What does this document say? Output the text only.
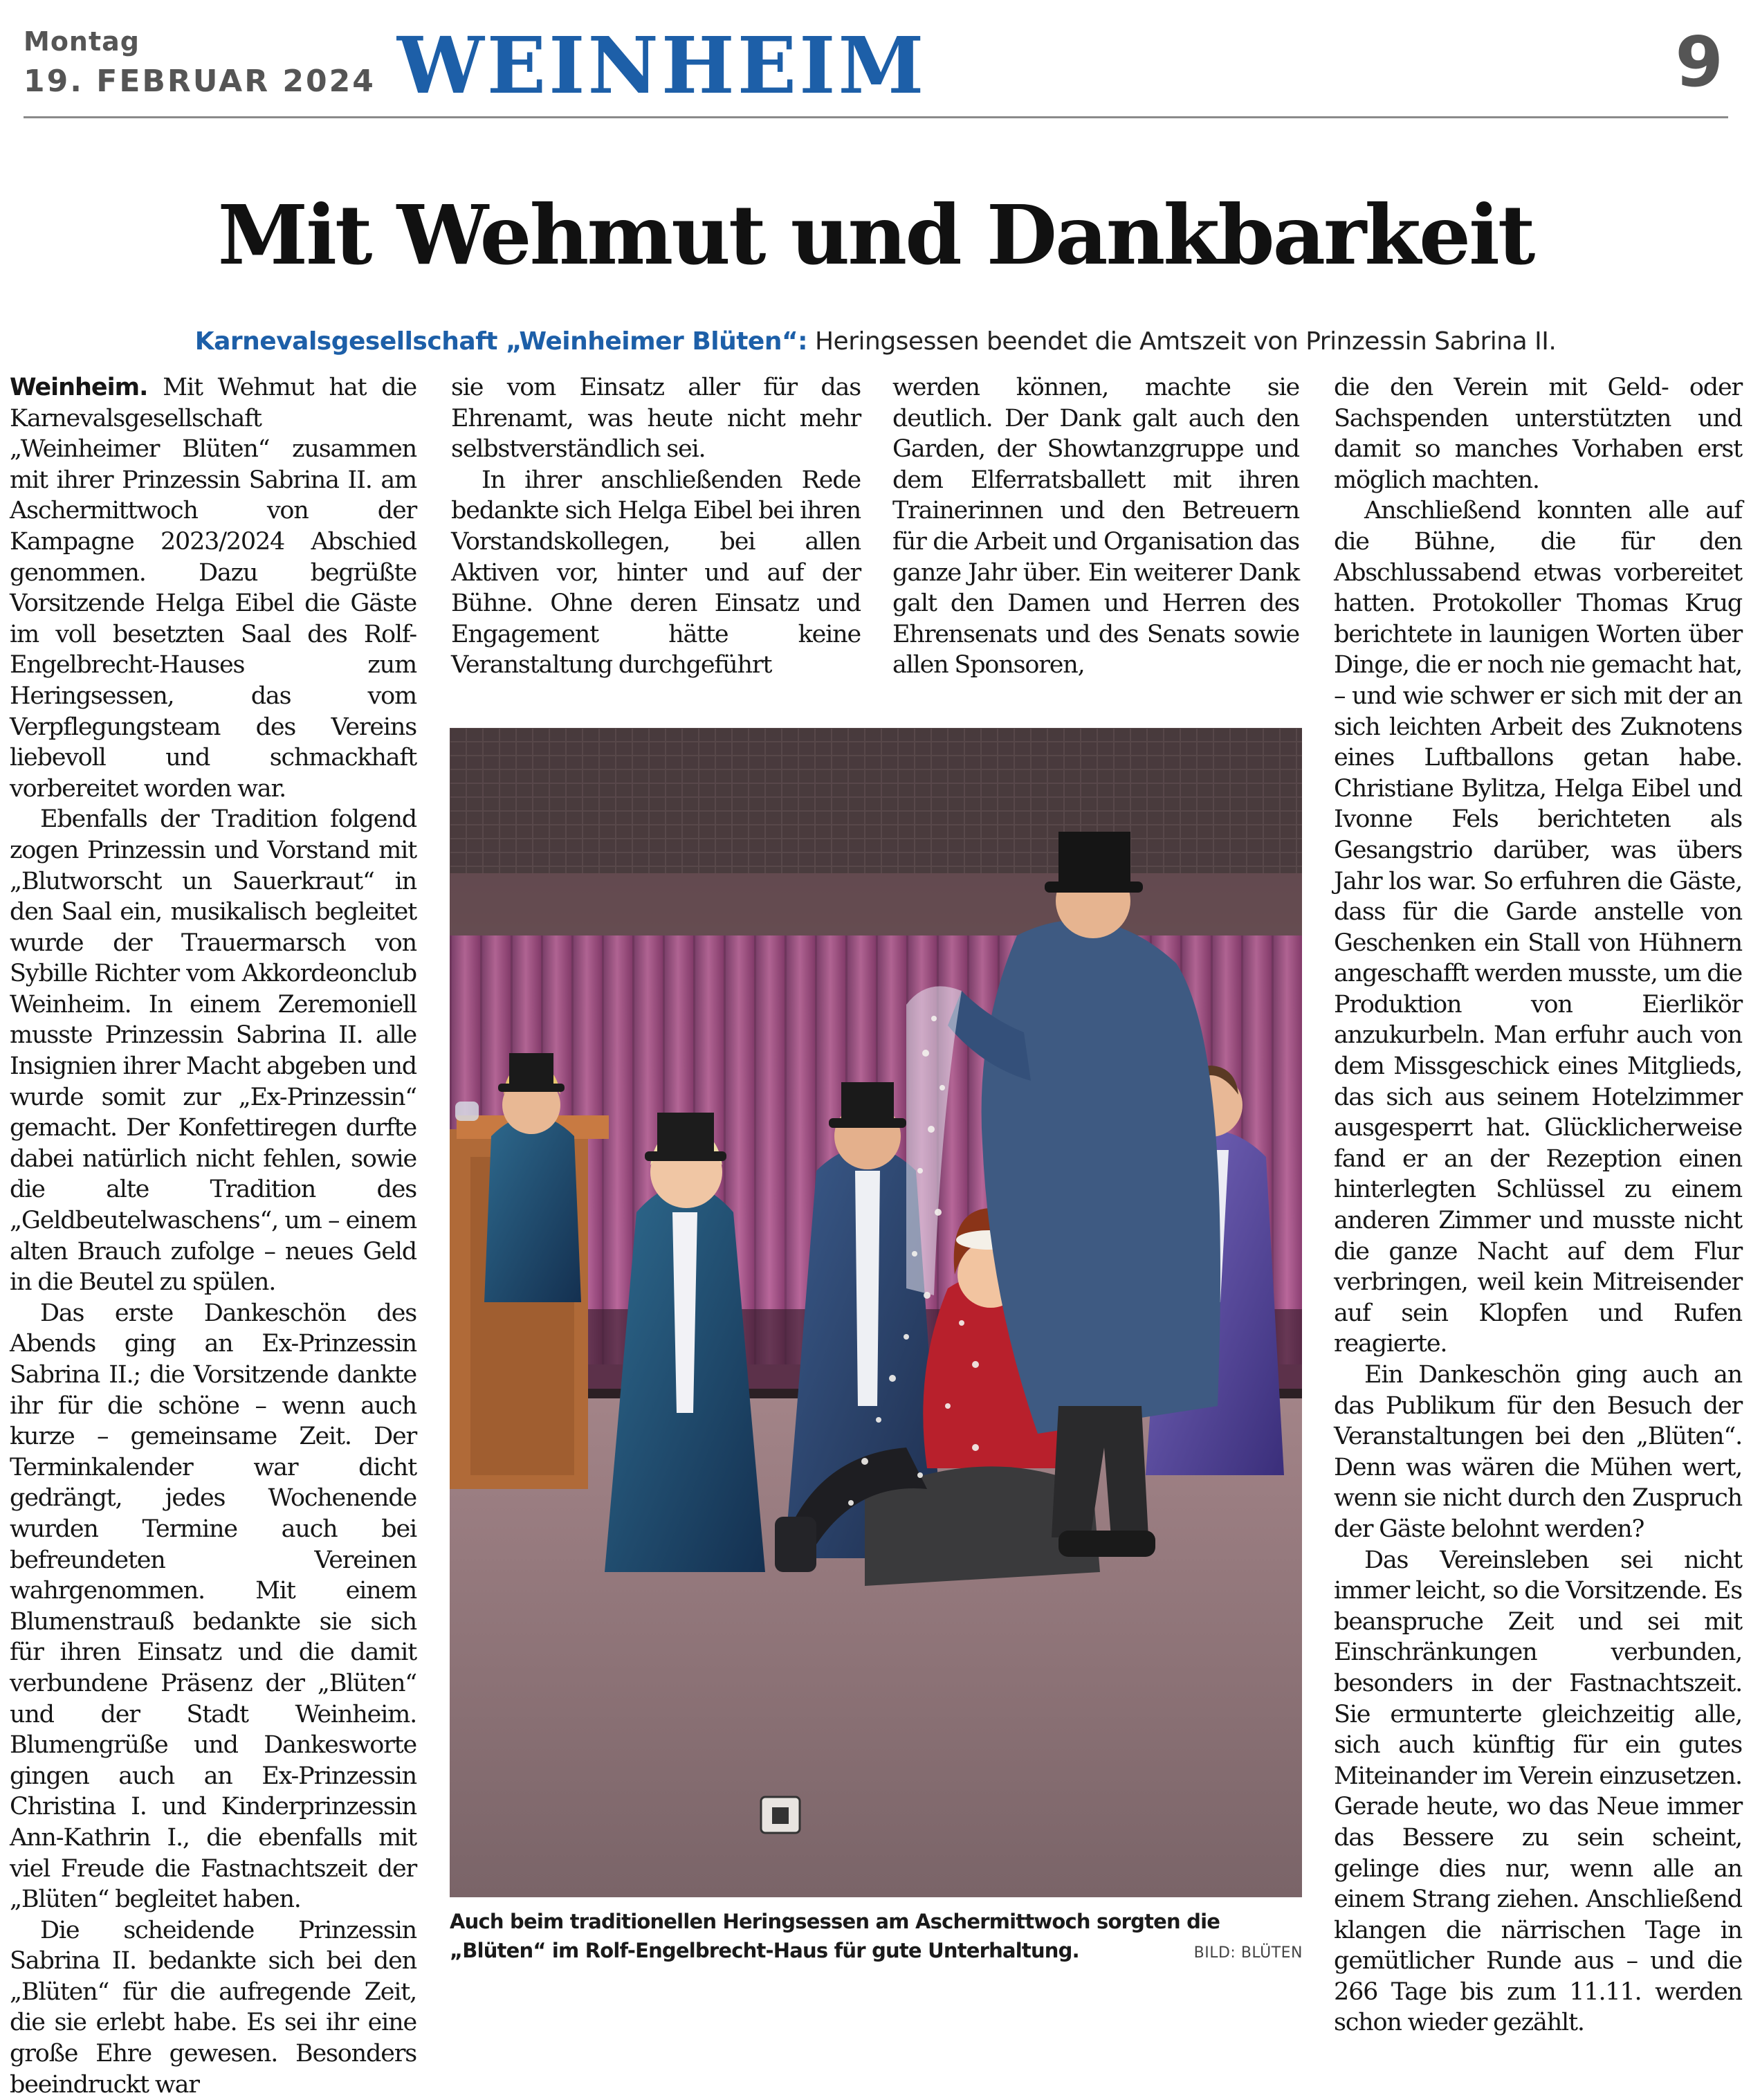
Montag
19. FEBRUAR 2024 WEINHEIM	9
Mit Wehmut und Dankbarkeit
Karnevalsgesellschaft „Weinheimer Blüten“: Heringsessen beendet die Amtszeit von Prinzessin Sabrina II.

Weinheim. Mit Wehmut hat die Karnevalsgesellschaft „Weinheimer Blüten“ zusammen mit ihrer Prinzessin Sabrina II. am Aschermittwoch von der Kampagne 2023/2024 Abschied genommen. Dazu begrüßte Vorsitzende Helga Eibel die Gäste im voll besetzten Saal des Rolf-Engelbrecht-Hauses zum Heringsessen, das vom Verpflegungsteam des Vereins liebevoll und schmackhaft vorbereitet worden war.

Ebenfalls der Tradition folgend zogen Prinzessin und Vorstand mit „Blutworscht un Sauerkraut“ in den Saal ein, musikalisch begleitet wurde der Trauermarsch von Sybille Richter vom Akkordeonclub Weinheim. In einem Zeremoniell musste Prinzessin Sabrina II. alle Insignien ihrer Macht abgeben und wurde somit zur „Ex-Prinzessin“ gemacht. Der Konfettiregen durfte dabei natürlich nicht fehlen, sowie die alte Tradition des „Geldbeutelwaschens“, um – einem alten Brauch zufolge – neues Geld in die Beutel zu spülen.

Das erste Dankeschön des Abends ging an Ex-Prinzessin Sabrina II.; die Vorsitzende dankte ihr für die schöne – wenn auch kurze – gemeinsame Zeit. Der Terminkalender war dicht gedrängt, jedes Wochenende wurden Termine auch bei befreundeten Vereinen wahrgenommen. Mit einem Blumenstrauß bedankte sie sich für ihren Einsatz und die damit verbundene Präsenz der „Blüten“ und der Stadt Weinheim. Blumengrüße und Dankesworte gingen auch an Ex-Prinzessin Christina I. und Kinderprinzessin Ann-Kathrin I., die ebenfalls mit viel Freude die Fastnachtszeit der „Blüten“ begleitet haben.

Die scheidende Prinzessin Sabrina II. bedankte sich bei den „Blüten“ für die aufregende Zeit, die sie erlebt habe. Es sei ihr eine große Ehre gewesen. Besonders beeindruckt war

sie vom Einsatz aller für das Ehrenamt, was heute nicht mehr selbstverständlich sei.

In ihrer anschließenden Rede bedankte sich Helga Eibel bei ihren Vorstandskollegen, bei allen Aktiven vor, hinter und auf der Bühne. Ohne deren Einsatz und Engagement hätte keine Veranstaltung durchgeführt

werden können, machte sie deutlich. Der Dank galt auch den Garden, der Showtanzgruppe und dem Elferratsballett mit ihren Trainerinnen und den Betreuern für die Arbeit und Organisation das ganze Jahr über. Ein weiterer Dank galt den Damen und Herren des Ehrensenats und des Senats sowie allen Sponsoren,

die den Verein mit Geld- oder Sachspenden unterstützten und damit so manches Vorhaben erst möglich machten.

Anschließend konnten alle auf die Bühne, die für den Abschlussabend etwas vorbereitet hatten. Protokoller Thomas Krug berichtete in launigen Worten über Dinge, die er noch nie gemacht hat, – und wie schwer er sich mit der an sich leichten Arbeit des Zuknotens eines Luftballons getan habe. Christiane Bylitza, Helga Eibel und Ivonne Fels berichteten als Gesangstrio darüber, was übers Jahr los war. So erfuhren die Gäste, dass für die Garde anstelle von Geschenken ein Stall von Hühnern angeschafft werden musste, um die Produktion von Eierlikör anzukurbeln. Man erfuhr auch von dem Missgeschick eines Mitglieds, das sich aus seinem Hotelzimmer ausgesperrt hat. Glücklicherweise fand er an der Rezeption einen hinterlegten Schlüssel zu einem anderen Zimmer und musste nicht die ganze Nacht auf dem Flur verbringen, weil kein Mitreisender auf sein Klopfen und Rufen reagierte.

Ein Dankeschön ging auch an das Publikum für den Besuch der Veranstaltungen bei den „Blüten“. Denn was wären die Mühen wert, wenn sie nicht durch den Zuspruch der Gäste belohnt werden?

Das Vereinsleben sei nicht immer leicht, so die Vorsitzende. Es beanspruche Zeit und sei mit Einschränkungen verbunden, besonders in der Fastnachtszeit. Sie ermunterte gleichzeitig alle, sich auch künftig für ein gutes Miteinander im Verein einzusetzen. Gerade heute, wo das Neue immer das Bessere zu sein scheint, gelinge dies nur, wenn alle an einem Strang ziehen. Anschließend klangen die närrischen Tage in gemütlicher Runde aus – und die 266 Tage bis zum 11.11. werden schon wieder gezählt.

Auch beim traditionellen Heringsessen am Aschermittwoch sorgten die „Blüten“ im Rolf-Engelbrecht-Haus für gute Unterhaltung.	BILD: BLÜTEN
